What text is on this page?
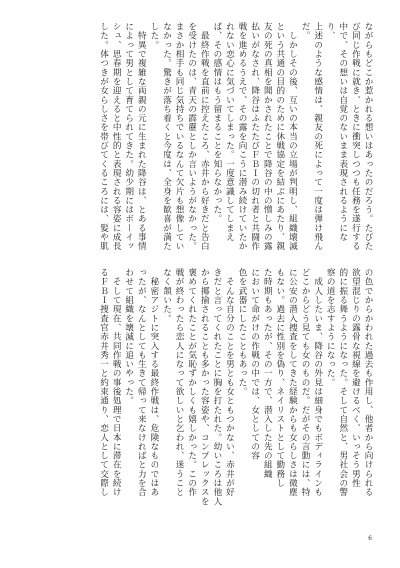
ながらもどこか惹かれる想いはあったのだろう。たびた
び同じ作戦に就き、ときに衝突しつつも任務を遂行する
中で、その想いは自覚のないまま表現されるようになり、
上述のような感情は、親友の死によって一度は弾け飛ん
だ。
　しかしその後、互いの本当の立場が判明し、組織壊滅
という共通の目的のために休戦協定を結ぶにあたり、親
友の死の真相を聞かされたことで降谷の中の憎しみの露
払いがなされ、降谷はふたたびＦＢＩの切れ者と共闘作
戦を進めるうえで、その露を向こうに潜み続けていたか
れない恋心に気づいてしまった。一度意識してしまえ
ば、その感情はもう留まることを知らなかった。
　最終作戦を直前に控えたころ、赤井から好きだと告白
を受けたのは、青天の霹靂としか言いようがなかった。
まさか相手も同じ気持ちでいるなんて欠片も想像してい
なかった。驚きが落ち着くと今度は、全身を歓喜が満た
した。
　特異で複雑な両親の元に生まれた降谷は、とある事情
によって男として育てられてきた。幼少期にはボーイッ
シュ、思春期を迎えると中性的と表現される容姿に成長
した。体つきが女らしさを帯びてくるころには、髪や肌
の色でからかわれた過去も作用し、他者から向けられる
欲望混じりの露骨な視線を避けるべく、いっそう男性
的に振る舞うようになった。そして自然と、男社会の警
察の道を志すようになった。
　成人したいま、降谷の外見は細身でもボディラインも
どこからどう見ても女のものだ。だがその言動には、特
に公安の潜入捜査をしてきた経験からも女らしさは微塵
もない。過去に性別を偽り、ネイリストとして勤務し
た時期もあったが、その一方で、潜入した先の組織
において命がけの作戦の中では、女としての容
色を武器にしたこともあった。
　そんな自分のことを男とも女ともつかない、赤井が好
きだと言ってくれたことに胸を打たれた。幼いころは他人
から揶揄されることも多かった容姿や、コンプレックスを
褒めてくれたことが気恥ずかしくも嬉しかった。この作
戦が終わったら恋人になって欲しいと乞われ、迷うこと
なく頷いた。
　秘密アジトに突入する最終作戦は、危険なものではあ
ったが、なんとしても生きて帰って来なければと力を合
わせて組織を壊滅に追いやった。
　そして現在、共同作戦の事後処理で日本に滞在を続け
るＦＢＩ捜査官赤井秀一と約束通り、恋人として交際し
6
